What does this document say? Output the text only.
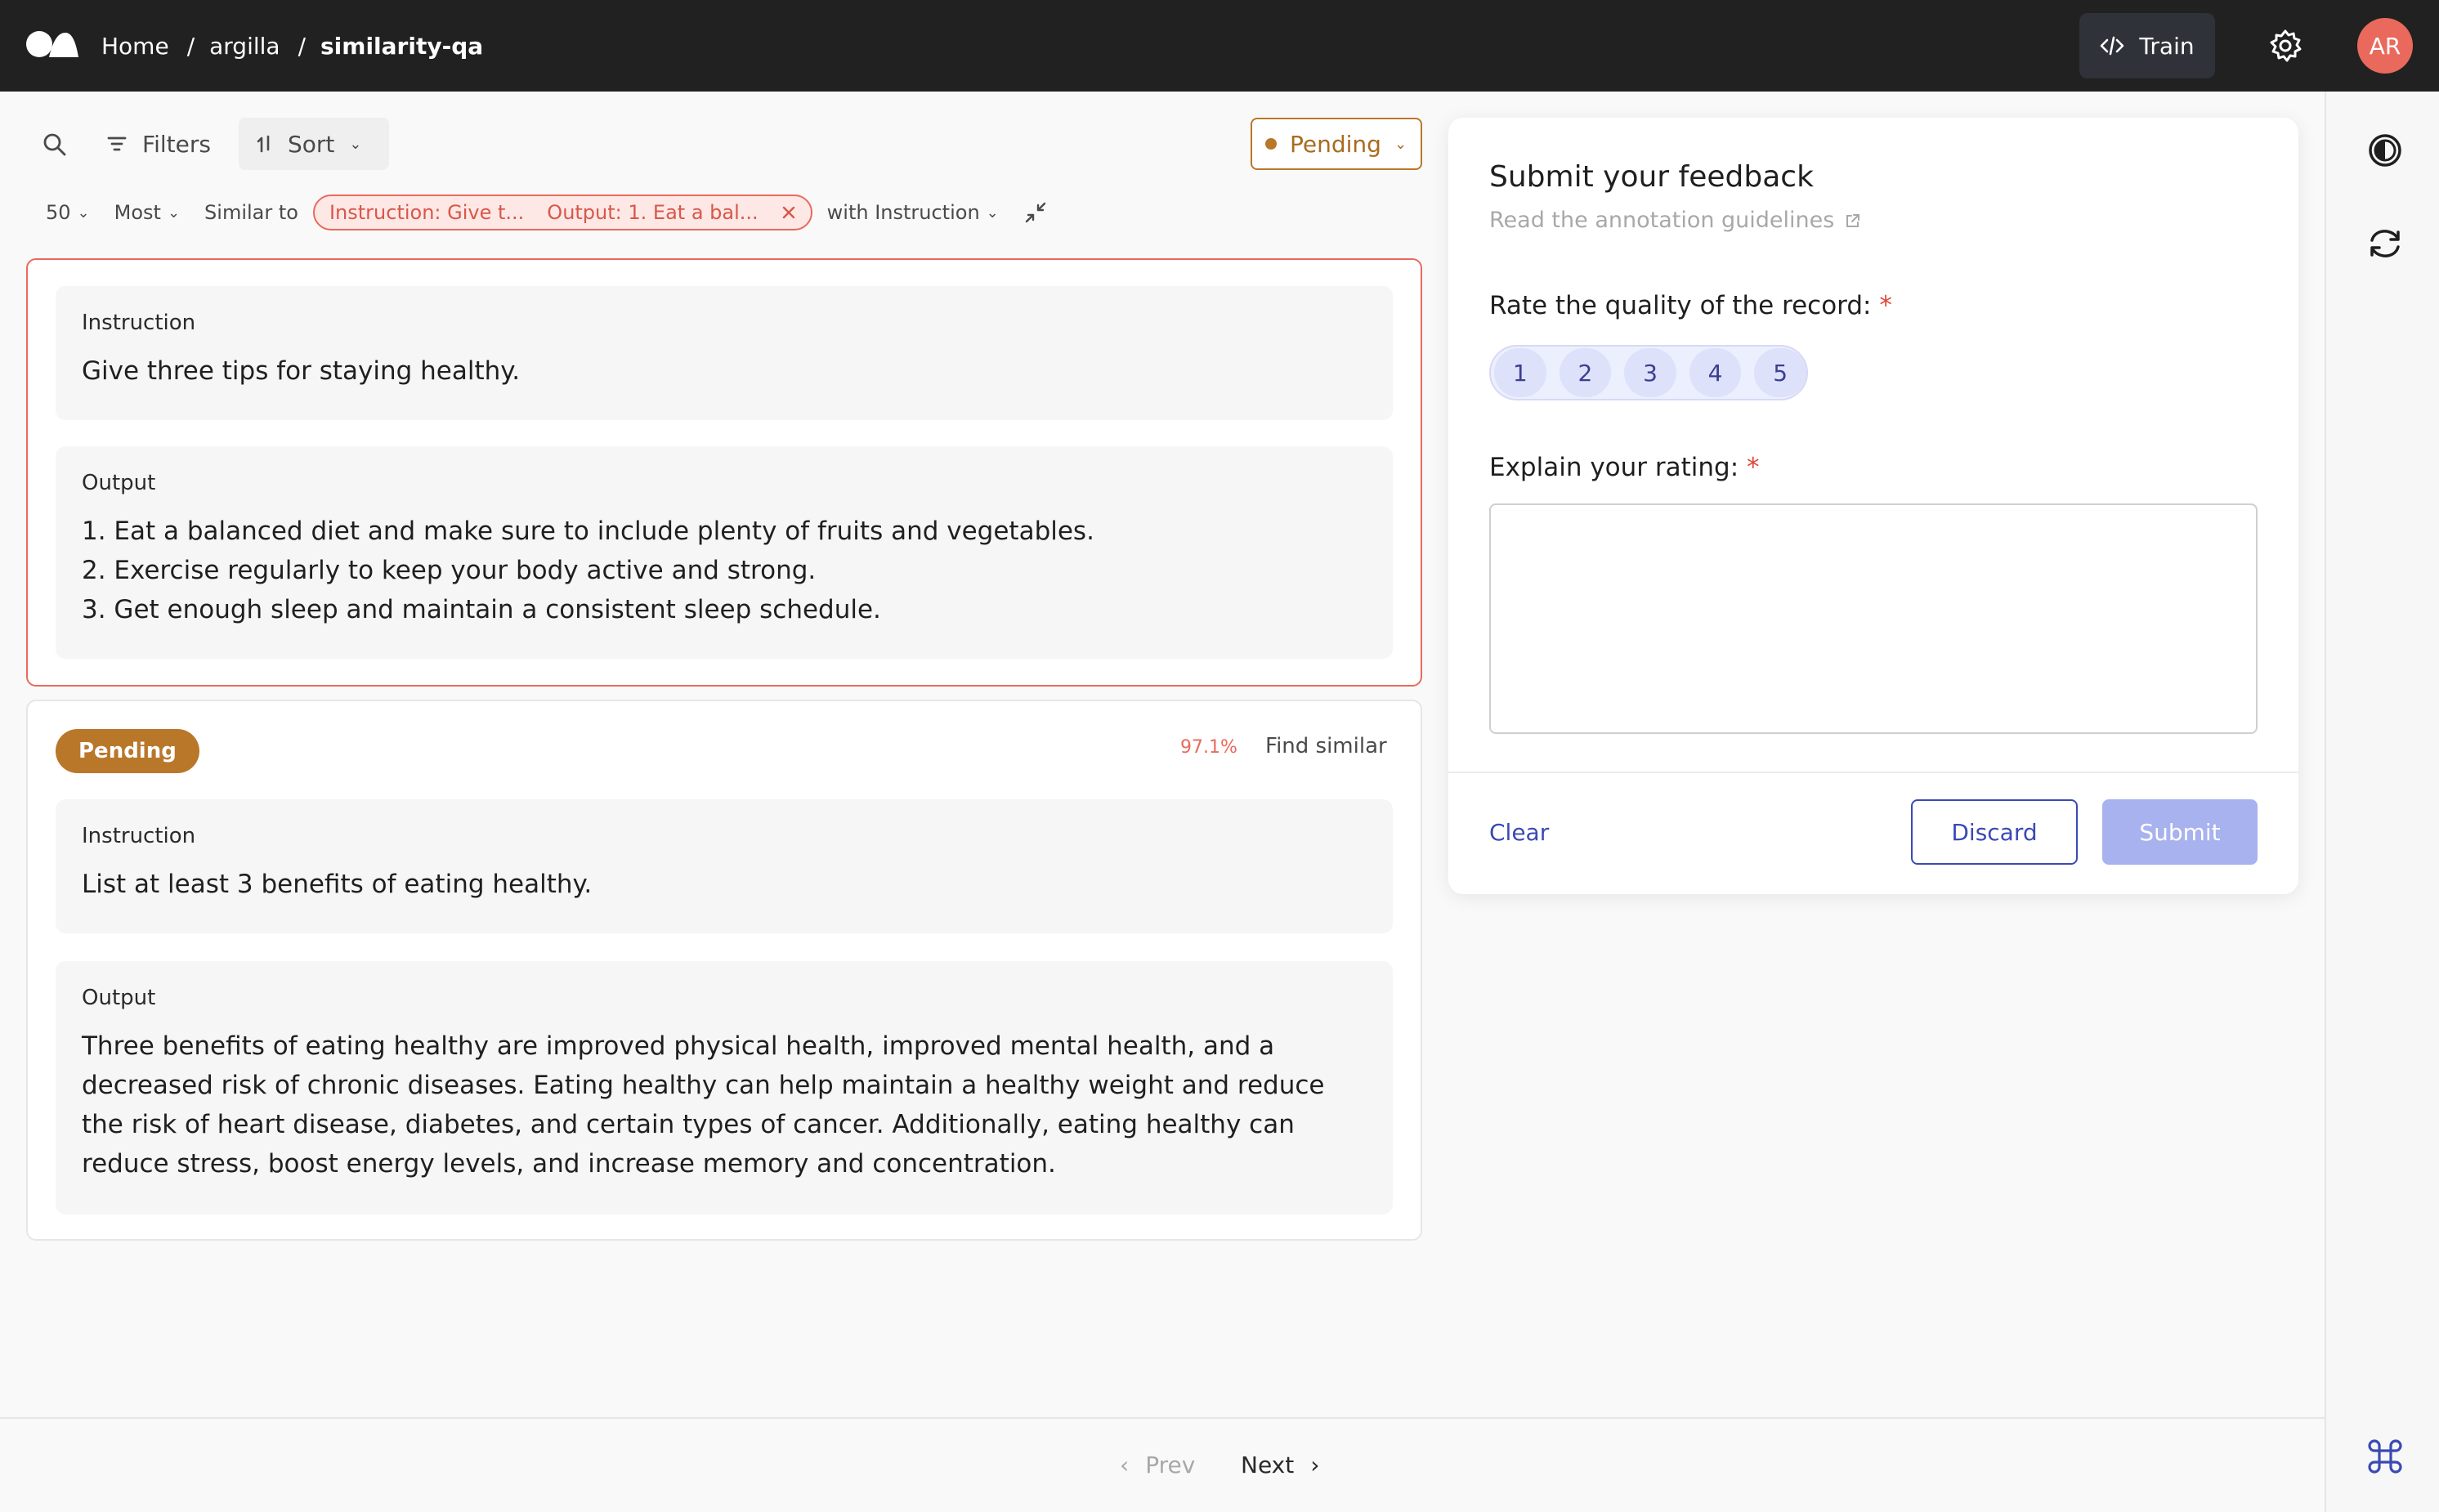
Home / argilla / similarity-qa	Train	AR
Filters	Sort ⌄	Pending ⌄
50 ⌄ Most ⌄ Similar to Instruction: Give t... Output: 1. Eat a bal...	with Instruction ⌄
Instruction
Give three tips for staying healthy.
Output
1. Eat a balanced diet and make sure to include plenty of fruits and vegetables.
2. Exercise regularly to keep your body active and strong.
3. Get enough sleep and maintain a consistent sleep schedule.
Pending	97.1% Find similar
Instruction
List at least 3 benefits of eating healthy.
Output
Three benefits of eating healthy are improved physical health, improved mental health, and a decreased risk of chronic diseases. Eating healthy can help maintain a healthy weight and reduce the risk of heart disease, diabetes, and certain types of cancer. Additionally, eating healthy can reduce stress, boost energy levels, and increase memory and concentration.
Submit your feedback
Read the annotation guidelines
Rate the quality of the record: *
1	2	3	4	5
Explain your rating: *
Clear	Discard	Submit
‹ Prev Next ›
